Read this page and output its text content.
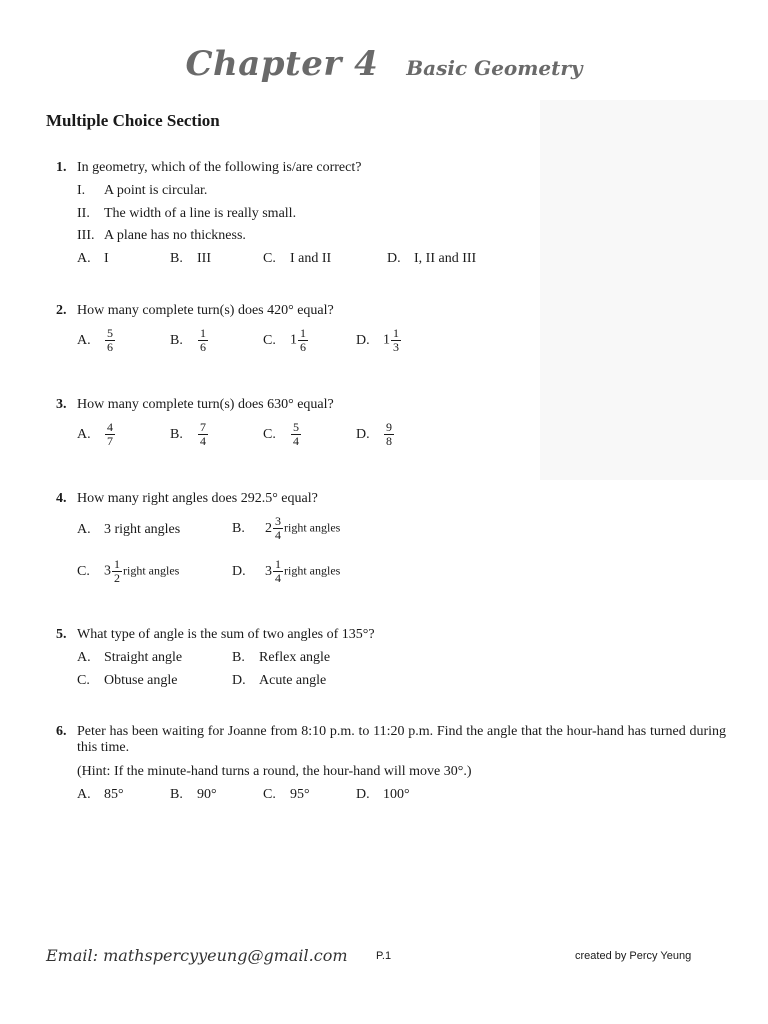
Chapter 4 Basic Geometry
Multiple Choice Section
1. In geometry, which of the following is/are correct?
I. A point is circular.
II. The width of a line is really small.
III. A plane has no thickness.
A. I	B. III	C. I and II	D. I, II and III
2. How many complete turn(s) does 420° equal?
A. $\frac{5}{6}$	B. $\frac{1}{6}$	C. $1 \frac{1}{6}$	D. $1 \frac{1}{3}$
3. How many complete turn(s) does 630° equal?
A. $\frac{4}{7}$	B. $\frac{7}{4}$	C. $\frac{5}{4}$	D. $\frac{9}{8}$
4. How many right angles does 292.5° equal?
A. 3 right angles	B. $2 \frac{3}{4}$ right angles
C. $3 \frac{1}{2}$ right angles	D. $3 \frac{1}{4}$ right angles
5. What type of angle is the sum of two angles of 135°?
A. Straight angle	B. Reflex angle
C. Obtuse angle	D. Acute angle
6. Peter has been waiting for Joanne from 8:10 p.m. to 11:20 p.m. Find the angle that the hour-hand has turned during this time.
(Hint: If the minute-hand turns a round, the hour-hand will move 30°.)
A. 85°	B. 90°	C. 95°	D. 100°
Email: mathspercyyeung@gmail.com	P.1	created by Percy Yeung
